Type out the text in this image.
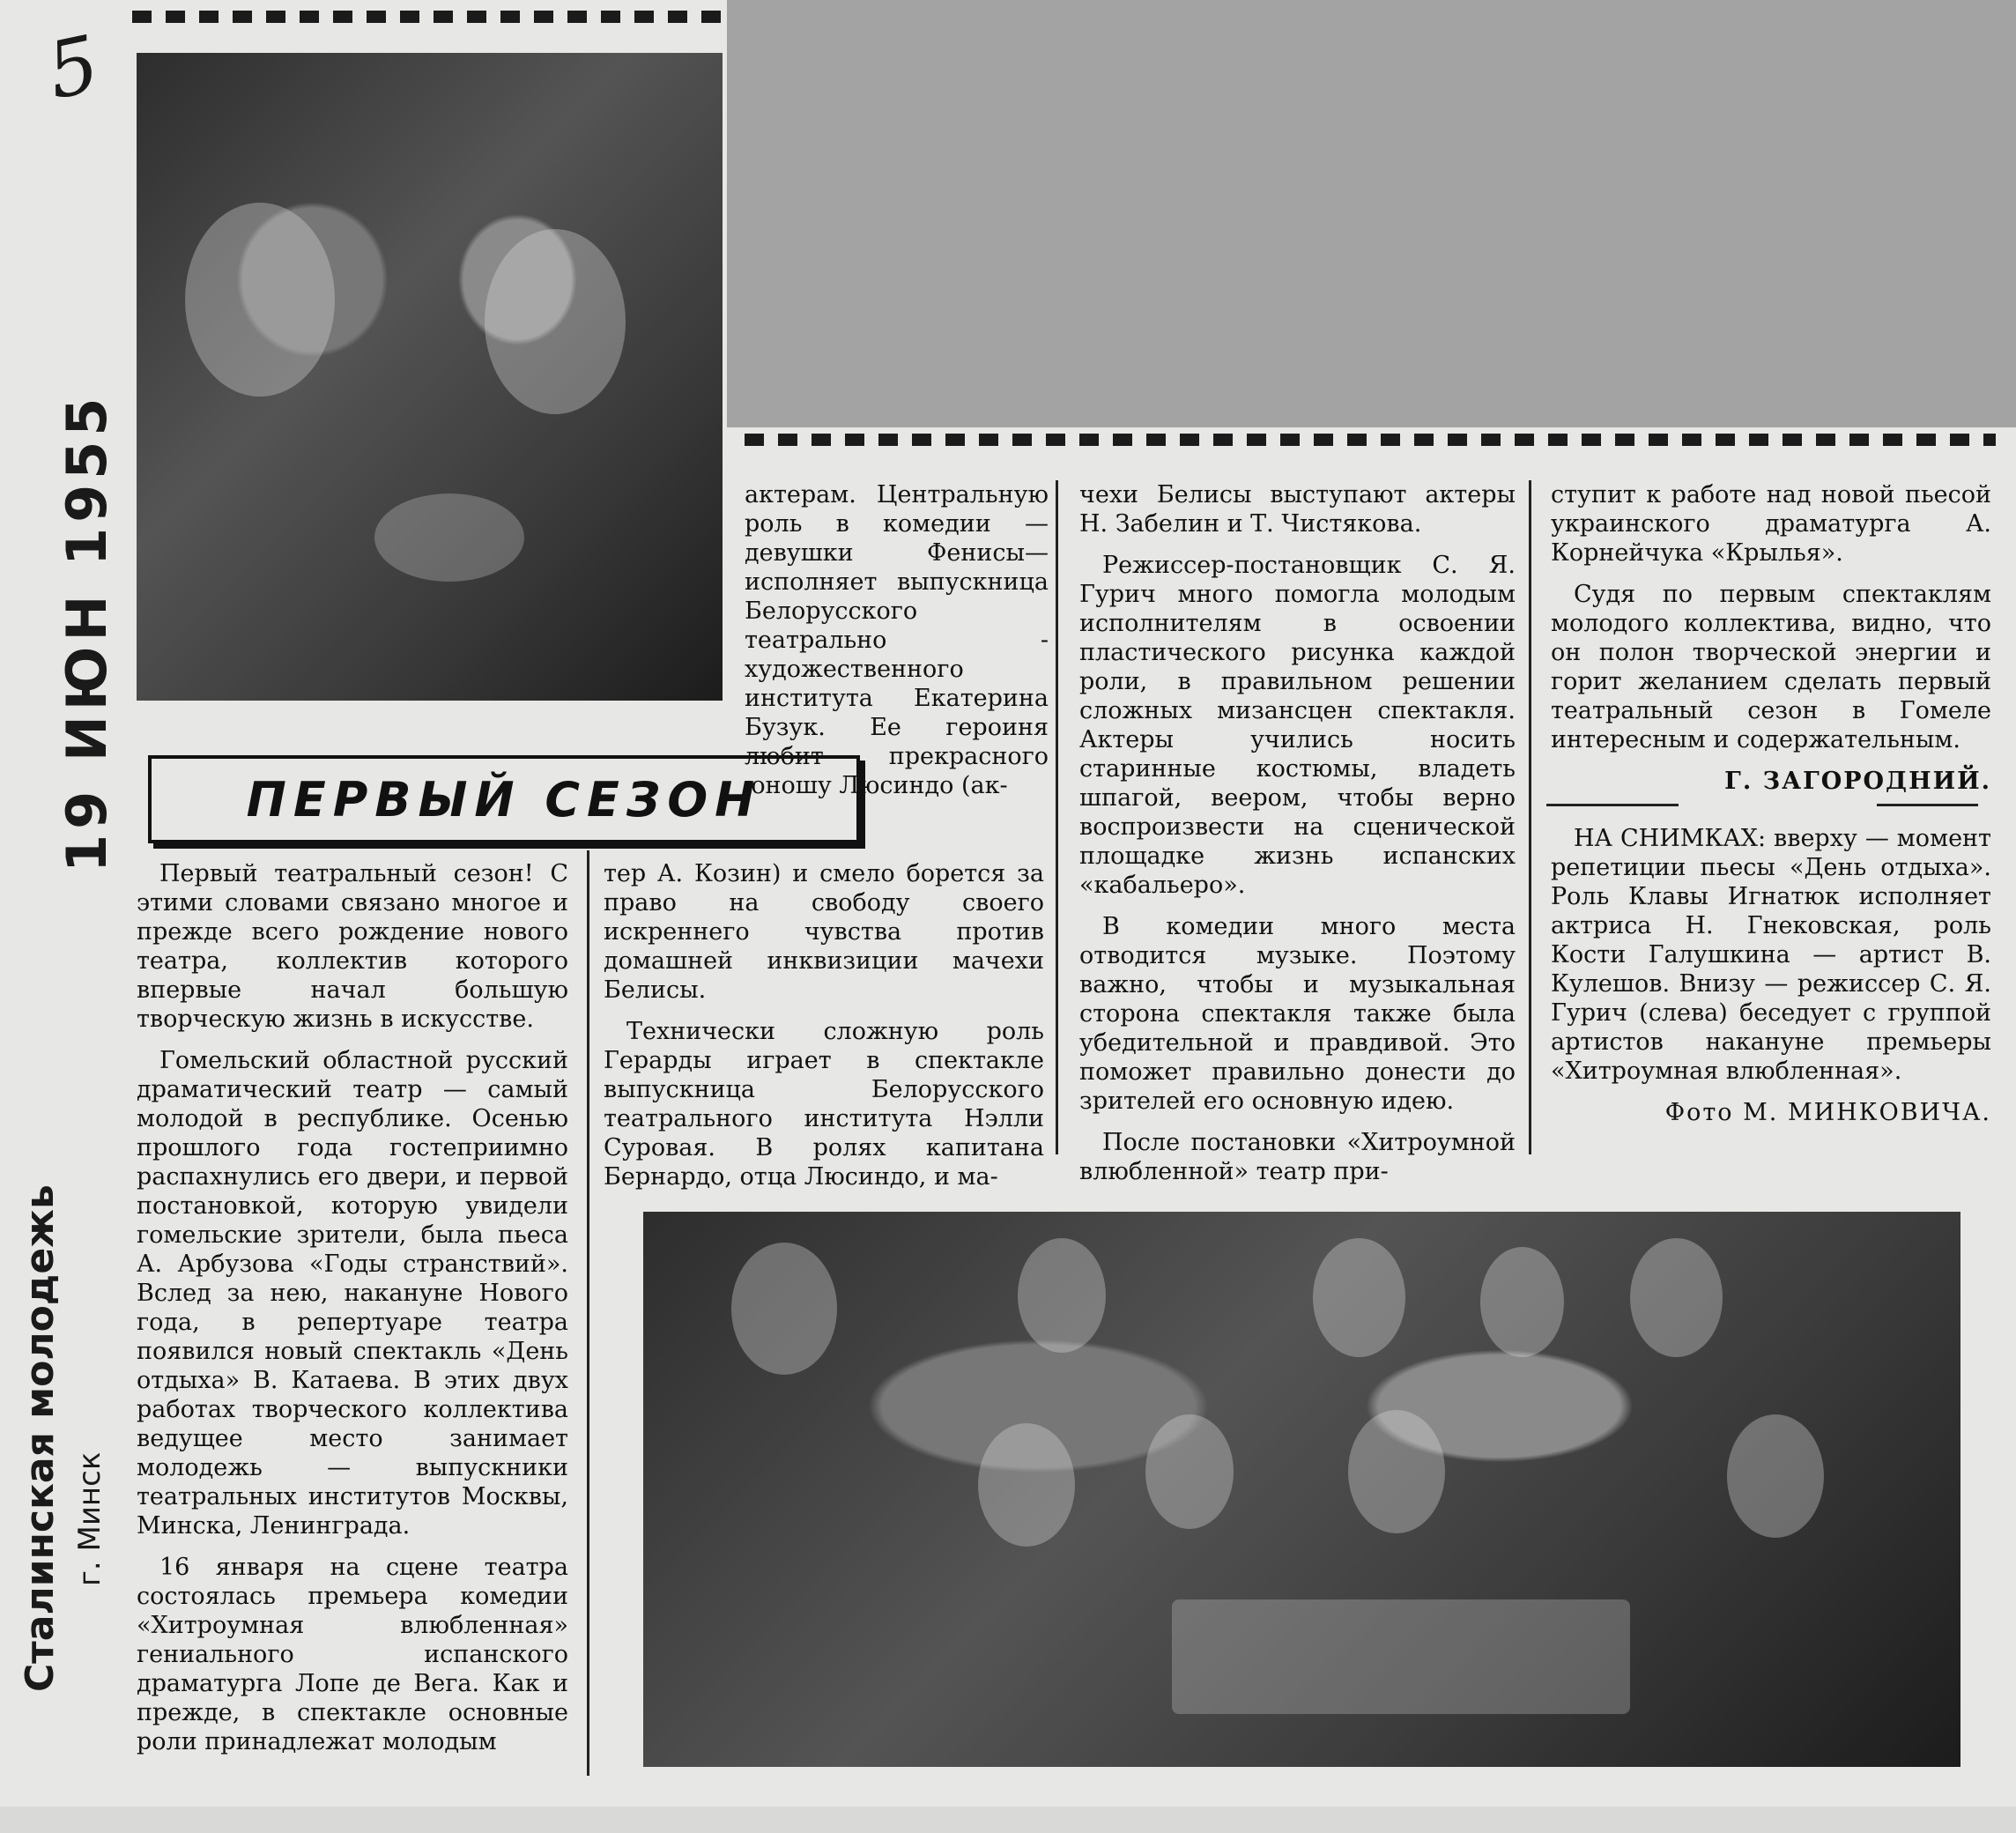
5
19 ИЮН 1955
Сталинская молодежь г. Минск
ПЕРВЫЙ СЕЗОН

Первый театральный сезон! С этими словами связано многое и прежде всего рождение нового театра, коллектив которого впервые начал большую творческую жизнь в искусстве.

Гомельский областной русский драматический театр — самый молодой в республике. Осенью прошлого года гостеприимно распахнулись его двери, и первой постановкой, которую увидели гомельские зрители, была пьеса А. Арбузова «Годы странствий». Вслед за нею, накануне Нового года, в репертуаре театра появился новый спектакль «День отдыха» В. Катаева. В этих двух работах творческого коллектива ведущее место занимает молодежь — выпускники театральных институтов Москвы, Минска, Ленинграда.

16 января на сцене театра состоялась премьера комедии «Хитроумная влюбленная» гениального испанского драматурга Лопе де Вега. Как и прежде, в спектакле основные роли принадлежат молодым

актерам. Центральную роль в комедии — девушки Фенисы—исполняет выпускница Белорусского театрально - художественного института Екатерина Бузук. Ее героиня любит прекрасного юношу Люсиндо (ак-

тер А. Козин) и смело борется за право на свободу своего искреннего чувства против домашней инквизиции мачехи Белисы.

Технически сложную роль Герарды играет в спектакле выпускница Белорусского театрального института Нэлли Суровая. В ролях капитана Бернардо, отца Люсиндо, и ма-

чехи Белисы выступают актеры Н. Забелин и Т. Чистякова.

Режиссер-постановщик С. Я. Гурич много помогла молодым исполнителям в освоении пластического рисунка каждой роли, в правильном решении сложных мизансцен спектакля. Актеры учились носить старинные костюмы, владеть шпагой, веером, чтобы верно воспроизвести на сценической площадке жизнь испанских «кабальеро».

В комедии много места отводится музыке. Поэтому важно, чтобы и музыкальная сторона спектакля также была убедительной и правдивой. Это поможет правильно донести до зрителей его основную идею.

После постановки «Хитроумной влюбленной» театр при-

ступит к работе над новой пьесой украинского драматурга А. Корнейчука «Крылья».

Судя по первым спектаклям молодого коллектива, видно, что он полон творческой энергии и горит желанием сделать первый театральный сезон в Гомеле интересным и содержательным.

Г. ЗАГОРОДНИЙ.

НА СНИМКАХ: вверху — момент репетиции пьесы «День отдыха». Роль Клавы Игнатюк исполняет актриса Н. Гнековская, роль Кости Галушкина — артист В. Кулешов. Внизу — режиссер С. Я. Гурич (слева) беседует с группой артистов накануне премьеры «Хитроумная влюбленная».

Фото М. МИНКОВИЧА.
